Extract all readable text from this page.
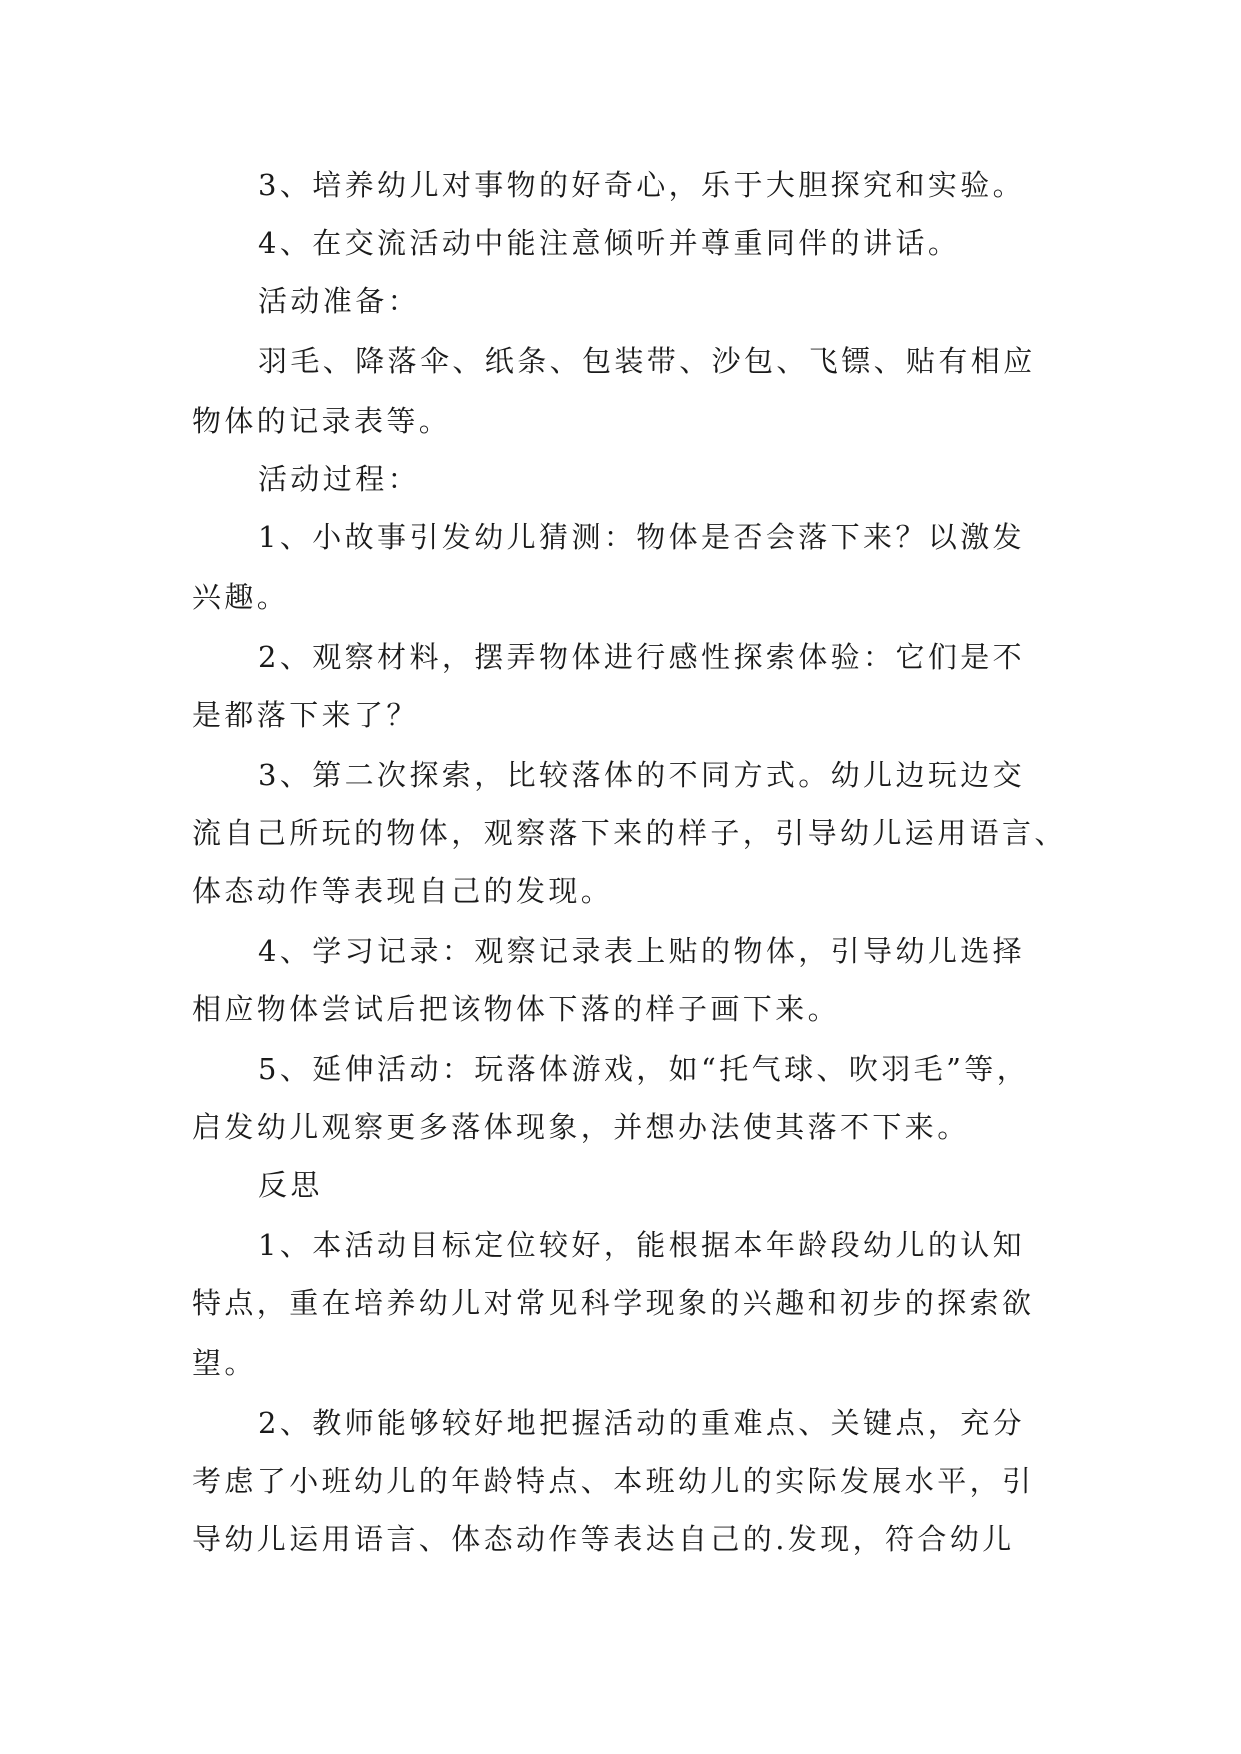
3、培养幼儿对事物的好奇心，乐于大胆探究和实验。
4、在交流活动中能注意倾听并尊重同伴的讲话。
活动准备：
羽毛、降落伞、纸条、包装带、沙包、飞镖、贴有相应
物体的记录表等。
活动过程：
1、小故事引发幼儿猜测：物体是否会落下来？以激发
兴趣。
2、观察材料，摆弄物体进行感性探索体验：它们是不
是都落下来了？
3、第二次探索，比较落体的不同方式。幼儿边玩边交
流自己所玩的物体，观察落下来的样子，引导幼儿运用语言、
体态动作等表现自己的发现。
4、学习记录：观察记录表上贴的物体，引导幼儿选择
相应物体尝试后把该物体下落的样子画下来。
5、延伸活动：玩落体游戏，如“托气球、吹羽毛”等，
启发幼儿观察更多落体现象，并想办法使其落不下来。
反思
1、本活动目标定位较好，能根据本年龄段幼儿的认知
特点，重在培养幼儿对常见科学现象的兴趣和初步的探索欲
望。
2、教师能够较好地把握活动的重难点、关键点，充分
考虑了小班幼儿的年龄特点、本班幼儿的实际发展水平，引
导幼儿运用语言、体态动作等表达自己的.发现，符合幼儿
